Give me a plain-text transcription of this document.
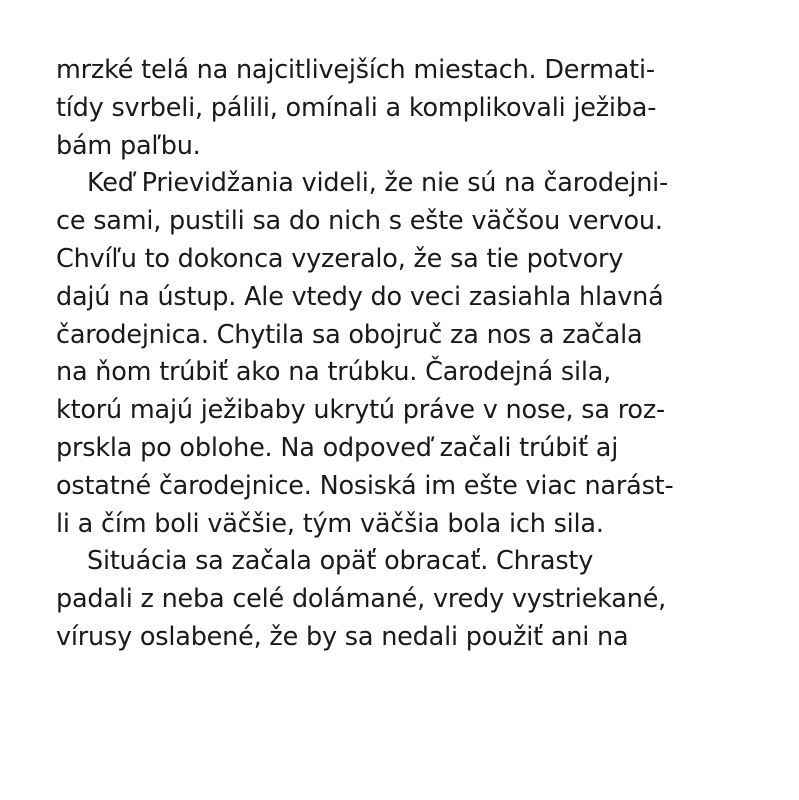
mrzké telá na najcitlivejších miestach. Dermati-
tídy svrbeli, pálili, omínali a komplikovali ježiba-
bám paľbu.
Keď Prievidžania videli, že nie sú na čarodejni-
ce sami, pustili sa do nich s ešte väčšou vervou.
Chvíľu to dokonca vyzeralo, že sa tie potvory
dajú na ústup. Ale vtedy do veci zasiahla hlavná
čarodejnica. Chytila sa obojruč za nos a začala
na ňom trúbiť ako na trúbku. Čarodejná sila,
ktorú majú ježibaby ukrytú práve v nose, sa roz-
prskla po oblohe. Na odpoveď začali trúbiť aj
ostatné čarodejnice. Nosiská im ešte viac narást-
li a čím boli väčšie, tým väčšia bola ich sila.
Situácia sa začala opäť obracať. Chrasty
padali z neba celé dolámané, vredy vystriekané,
vírusy oslabené, že by sa nedali použiť ani na
